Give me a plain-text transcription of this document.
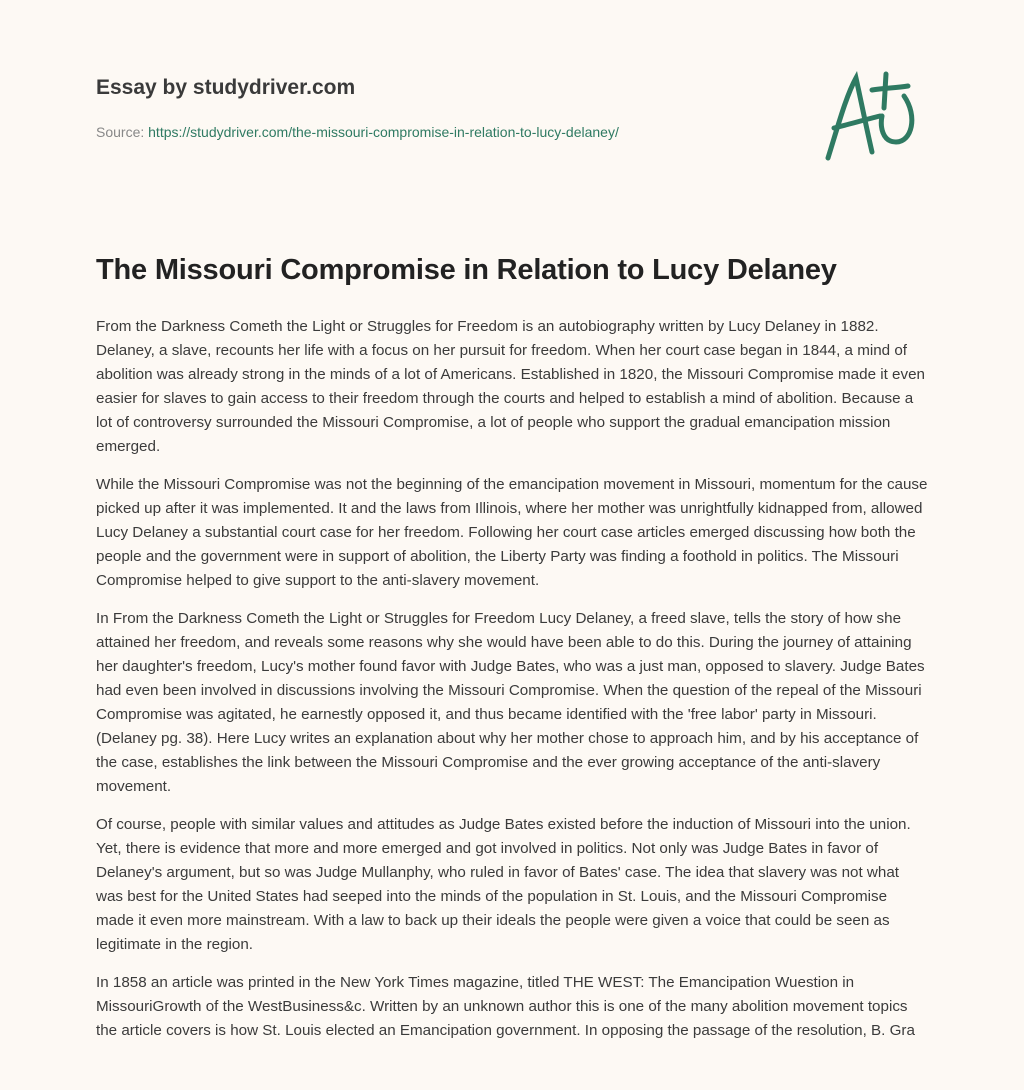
Essay by studydriver.com
Source: https://studydriver.com/the-missouri-compromise-in-relation-to-lucy-delaney/
The Missouri Compromise in Relation to Lucy Delaney

From the Darkness Cometh the Light or Struggles for Freedom is an autobiography written by Lucy Delaney in 1882. Delaney, a slave, recounts her life with a focus on her pursuit for freedom. When her court case began in 1844, a mind of abolition was already strong in the minds of a lot of Americans. Established in 1820, the Missouri Compromise made it even easier for slaves to gain access to their freedom through the courts and helped to establish a mind of abolition. Because a lot of controversy surrounded the Missouri Compromise, a lot of people who support the gradual emancipation mission emerged.

While the Missouri Compromise was not the beginning of the emancipation movement in Missouri, momentum for the cause picked up after it was implemented. It and the laws from Illinois, where her mother was unrightfully kidnapped from, allowed Lucy Delaney a substantial court case for her freedom. Following her court case articles emerged discussing how both the people and the government were in support of abolition, the Liberty Party was finding a foothold in politics. The Missouri Compromise helped to give support to the anti-slavery movement.

In From the Darkness Cometh the Light or Struggles for Freedom Lucy Delaney, a freed slave, tells the story of how she attained her freedom, and reveals some reasons why she would have been able to do this. During the journey of attaining her daughter's freedom, Lucy's mother found favor with Judge Bates, who was a just man, opposed to slavery. Judge Bates had even been involved in discussions involving the Missouri Compromise. When the question of the repeal of the Missouri Compromise was agitated, he earnestly opposed it, and thus became identified with the 'free labor' party in Missouri. (Delaney pg. 38). Here Lucy writes an explanation about why her mother chose to approach him, and by his acceptance of the case, establishes the link between the Missouri Compromise and the ever growing acceptance of the anti-slavery movement.

Of course, people with similar values and attitudes as Judge Bates existed before the induction of Missouri into the union. Yet, there is evidence that more and more emerged and got involved in politics. Not only was Judge Bates in favor of Delaney's argument, but so was Judge Mullanphy, who ruled in favor of Bates' case. The idea that slavery was not what was best for the United States had seeped into the minds of the population in St. Louis, and the Missouri Compromise made it even more mainstream. With a law to back up their ideals the people were given a voice that could be seen as legitimate in the region.

In 1858 an article was printed in the New York Times magazine, titled THE WEST: The Emancipation Wuestion in MissouriGrowth of the WestBusiness&c. Written by an unknown author this is one of the many abolition movement topics the article covers is how St. Louis elected an Emancipation government. In opposing the passage of the resolution, B. Gra
